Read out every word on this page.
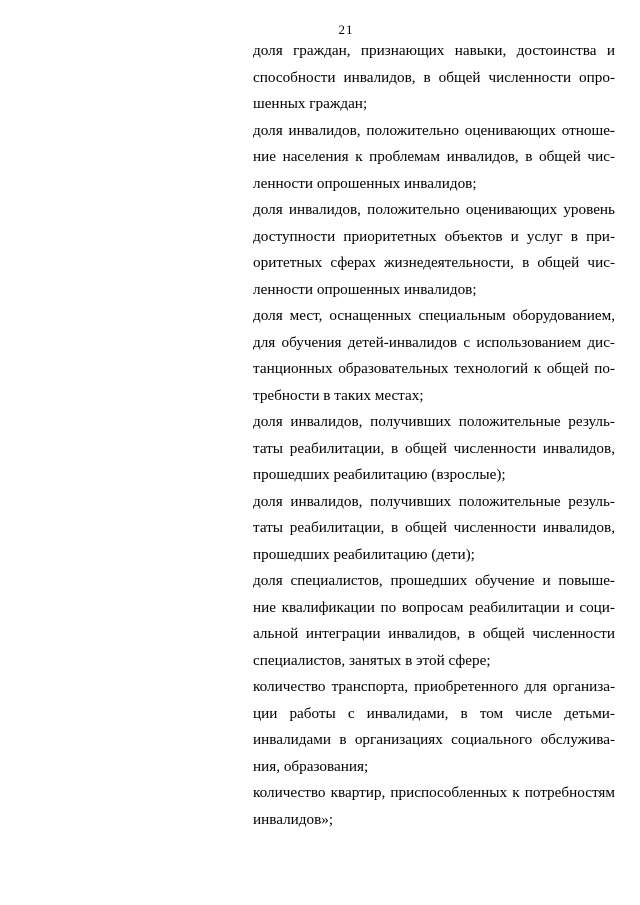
21
доля граждан, признающих навыки, достоинства и
способности инвалидов, в общей численности опро-
шенных граждан;
доля инвалидов, положительно оценивающих отноше-
ние населения к проблемам инвалидов, в общей чис-
ленности опрошенных инвалидов;
доля инвалидов, положительно оценивающих уровень
доступности приоритетных объектов и услуг в при-
оритетных сферах жизнедеятельности, в общей чис-
ленности опрошенных инвалидов;
доля мест, оснащенных специальным оборудованием,
для обучения детей-инвалидов с использованием дис-
танционных образовательных технологий к общей по-
требности в таких местах;
доля инвалидов, получивших положительные резуль-
таты реабилитации, в общей численности инвалидов,
прошедших реабилитацию (взрослые);
доля инвалидов, получивших положительные резуль-
таты реабилитации, в общей численности инвалидов,
прошедших реабилитацию (дети);
доля специалистов, прошедших обучение и повыше-
ние квалификации по вопросам реабилитации и соци-
альной интеграции инвалидов, в общей численности
специалистов, занятых в этой сфере;
количество транспорта, приобретенного для организа-
ции работы с инвалидами, в том числе детьми-
инвалидами в организациях социального обслужива-
ния, образования;
количество квартир, приспособленных к потребностям
инвалидов»;
